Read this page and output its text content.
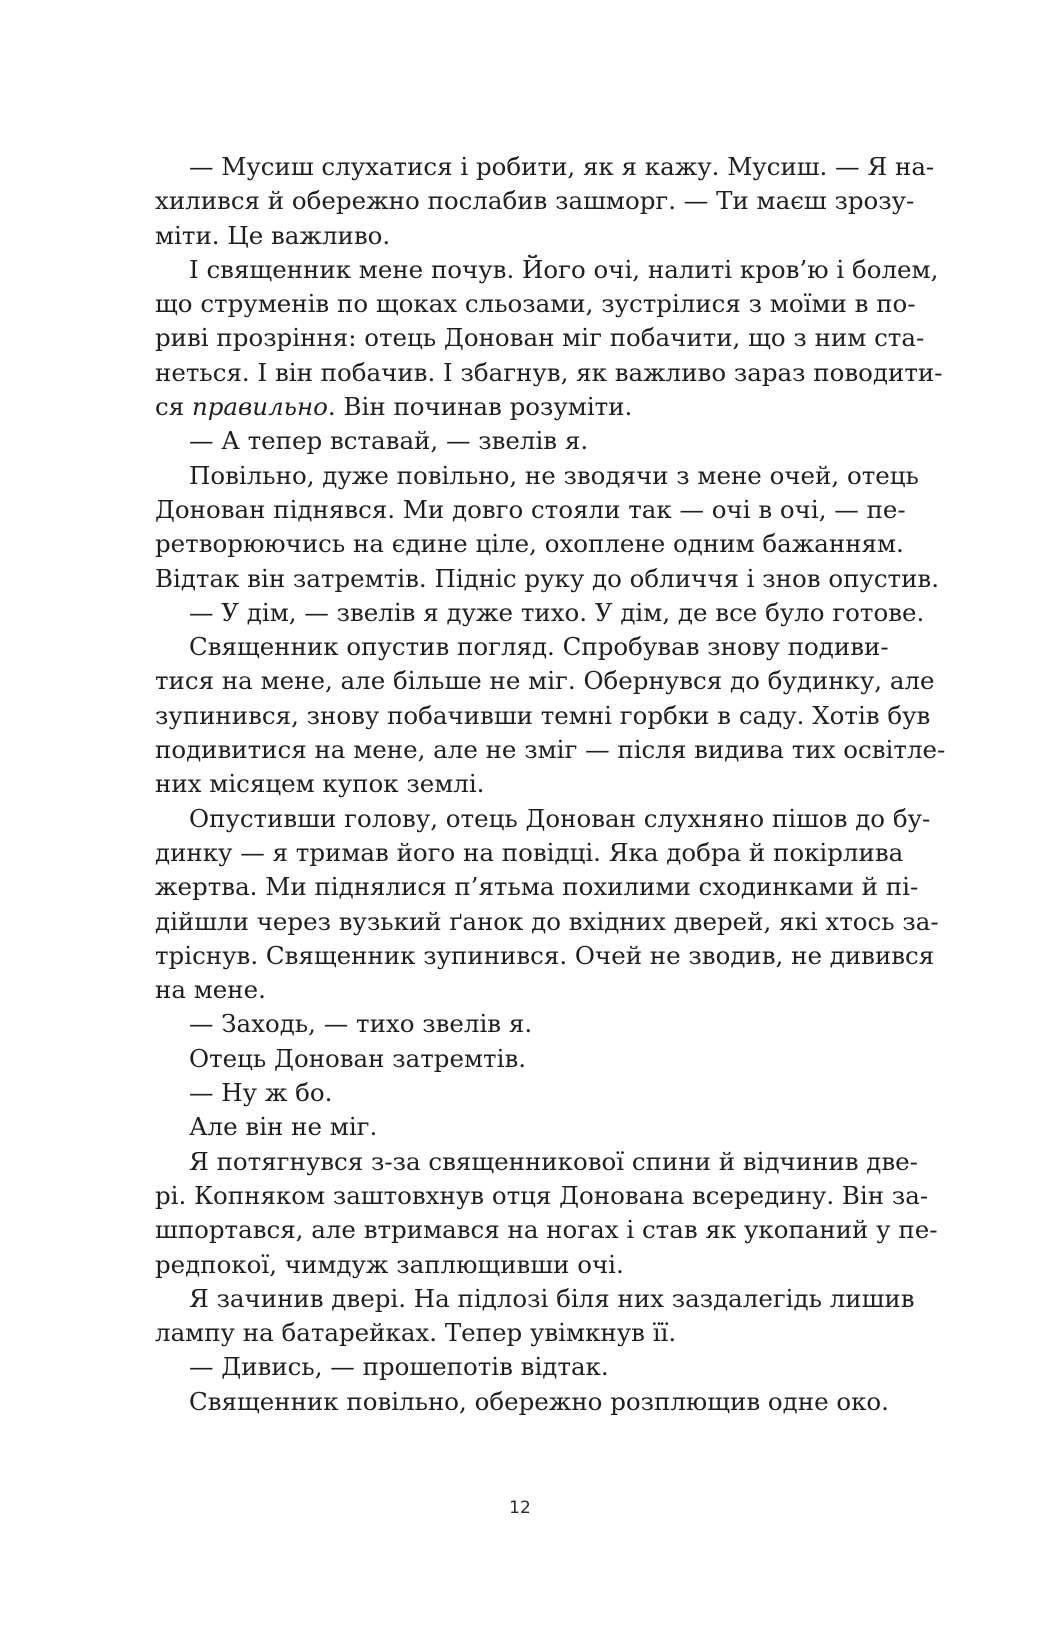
— Мусиш слухатися і робити, як я кажу. Мусиш. — Я на-
хилився й обережно послабив зашморг. — Ти маєш зрозу-
міти. Це важливо.
І священник мене почув. Його очі, налиті кров’ю і болем,
що струменів по щоках сльозами, зустрілися з моїми в по-
риві прозріння: отець Донован міг побачити, що з ним ста-
неться. І він побачив. І збагнув, як важливо зараз поводити-
ся правильно. Він починав розуміти.
— А тепер вставай, — звелів я.
Повільно, дуже повільно, не зводячи з мене очей, отець
Донован піднявся. Ми довго стояли так — очі в очі, — пе-
ретворюючись на єдине ціле, охоплене одним бажанням.
Відтак він затремтів. Підніс руку до обличчя і знов опустив.
— У дім, — звелів я дуже тихо. У дім, де все було готове.
Священник опустив погляд. Спробував знову подиви-
тися на мене, але більше не міг. Обернувся до будинку, але
зупинився, знову побачивши темні горбки в саду. Хотів був
подивитися на мене, але не зміг — після видива тих освітле-
них місяцем купок землі.
Опустивши голову, отець Донован слухняно пішов до бу-
динку — я тримав його на повідці. Яка добра й покірлива
жертва. Ми піднялися п’ятьма похилими сходинками й пі-
дійшли через вузький ґанок до вхідних дверей, які хтось за-
тріснув. Священник зупинився. Очей не зводив, не дивився
на мене.
— Заходь, — тихо звелів я.
Отець Донован затремтів.
— Ну ж бо.
Але він не міг.
Я потягнувся з-за священникової спини й відчинив две-
рі. Копняком заштовхнув отця Донована всередину. Він за-
шпортався, але втримався на ногах і став як укопаний у пе-
редпокої, чимдуж заплющивши очі.
Я зачинив двері. На підлозі біля них заздалегідь лишив
лампу на батарейках. Тепер увімкнув її.
— Дивись, — прошепотів відтак.
Священник повільно, обережно розплющив одне око.
12
